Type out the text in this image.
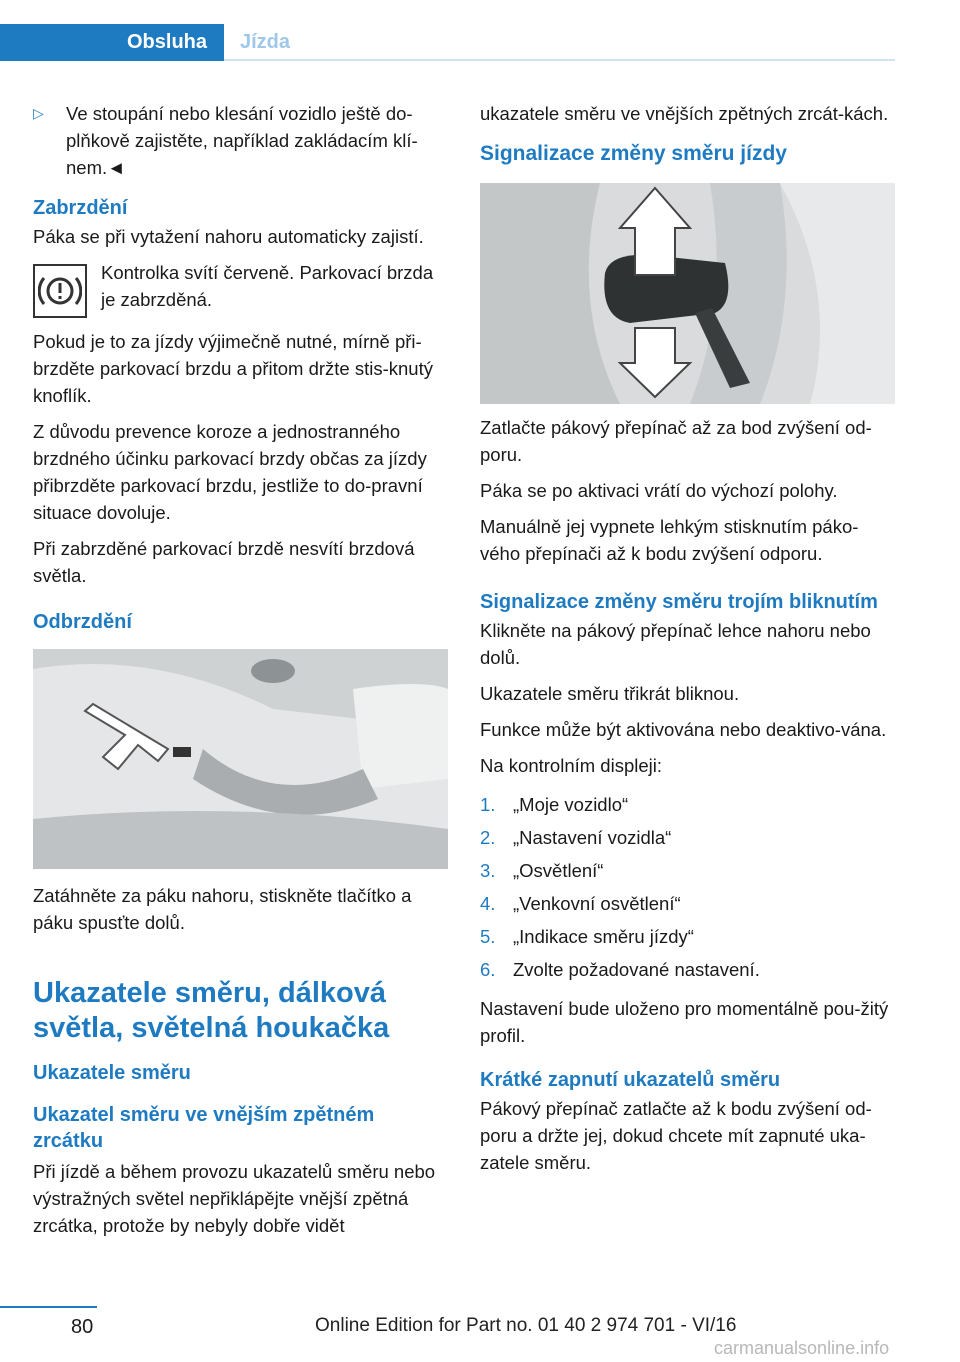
Obsluha Jízda
▷	Ve stoupání nebo klesání vozidlo ještě do-plňkově zajistěte, například zakládacím klí-nem.◄
Zabrzdění

Páka se při vytažení nahoru automaticky zajistí.

Kontrolka svítí červeně. Parkovací brzda je zabrzděná.

Pokud je to za jízdy výjimečně nutné, mírně při-brzděte parkovací brzdu a přitom držte stis-knutý knoflík.

Z důvodu prevence koroze a jednostranného brzdného účinku parkovací brzdy občas za jízdy přibrzděte parkovací brzdu, jestliže to do-pravní situace dovoluje.

Při zabrzděné parkovací brzdě nesvítí brzdová světla.

Odbrzdění

Zatáhněte za páku nahoru, stiskněte tlačítko a páku spusťte dolů.

Ukazatele směru, dálková světla, světelná houkačka
Ukazatele směru
Ukazatel směru ve vnějším zpětném zrcátku

Při jízdě a během provozu ukazatelů směru nebo výstražných světel nepřiklápějte vnější zpětná zrcátka, protože by nebyly dobře vidět

ukazatele směru ve vnějších zpětných zrcát-kách.

Signalizace změny směru jízdy

Zatlačte pákový přepínač až za bod zvýšení od-poru.

Páka se po aktivaci vrátí do výchozí polohy.

Manuálně jej vypnete lehkým stisknutím páko-vého přepínači až k bodu zvýšení odporu.

Signalizace změny směru trojím bliknutím

Klikněte na pákový přepínač lehce nahoru nebo dolů.

Ukazatele směru třikrát bliknou.

Funkce může být aktivována nebo deaktivo-vána.

Na kontrolním displeji:

1. „Moje vozidlo“
2. „Nastavení vozidla“
3. „Osvětlení“
4. „Venkovní osvětlení“
5. „Indikace směru jízdy“
6. Zvolte požadované nastavení.

Nastavení bude uloženo pro momentálně pou-žitý profil.

Krátké zapnutí ukazatelů směru

Pákový přepínač zatlačte až k bodu zvýšení od-poru a držte jej, dokud chcete mít zapnuté uka-zatele směru.

80	Online Edition for Part no. 01 40 2 974 701 - VI/16
carmanualsonline.info
